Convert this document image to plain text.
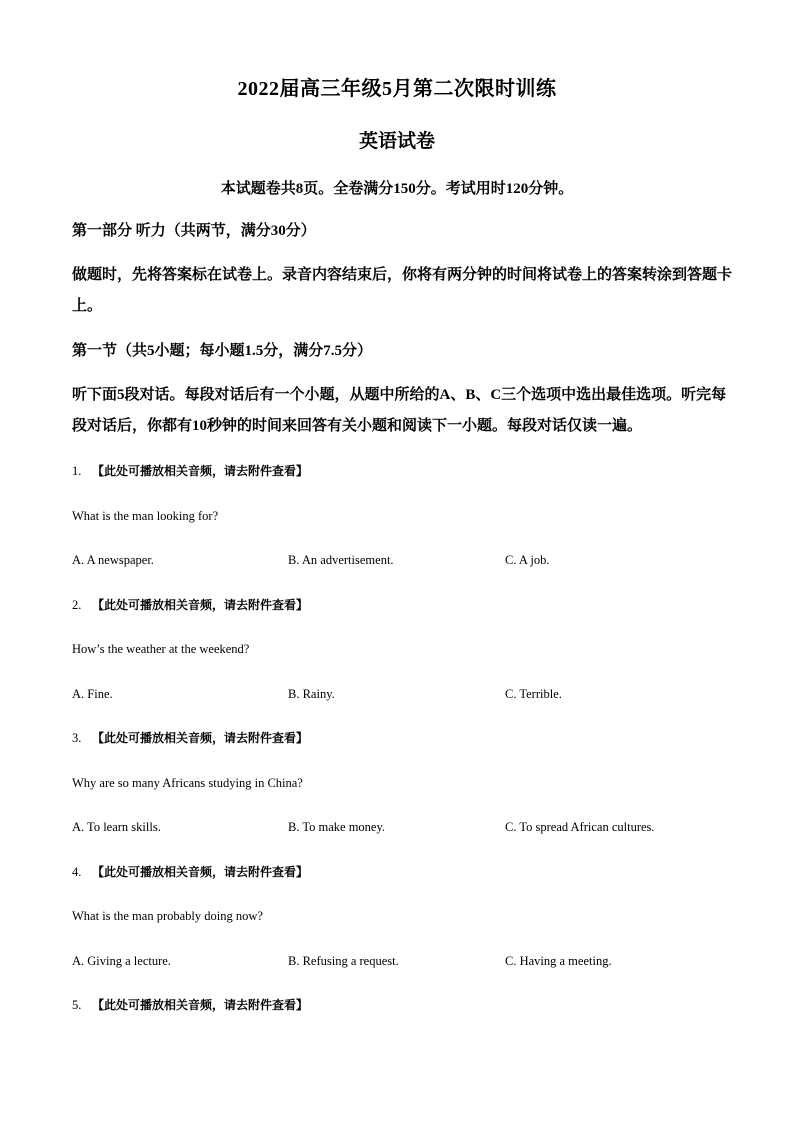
2022届高三年级5月第二次限时训练
英语试卷
本试题卷共8页。全卷满分150分。考试用时120分钟。
第一部分 听力（共两节，满分30分）
做题时，先将答案标在试卷上。录音内容结束后，你将有两分钟的时间将试卷上的答案转涂到答题卡上。
第一节（共5小题；每小题1.5分，满分7.5分）
听下面5段对话。每段对话后有一个小题，从题中所给的A、B、C三个选项中选出最佳选项。听完每段对话后，你都有10秒钟的时间来回答有关小题和阅读下一小题。每段对话仅读一遍。
1. 【此处可播放相关音频，请去附件查看】
What is the man looking for?
A. A newspaper.	B. An advertisement.	C. A job.
2. 【此处可播放相关音频，请去附件查看】
How’s the weather at the weekend?
A. Fine.	B. Rainy.	C. Terrible.
3. 【此处可播放相关音频，请去附件查看】
Why are so many Africans studying in China?
A. To learn skills.	B. To make money.	C. To spread African cultures.
4. 【此处可播放相关音频，请去附件查看】
What is the man probably doing now?
A. Giving a lecture.	B. Refusing a request.	C. Having a meeting.
5. 【此处可播放相关音频，请去附件查看】
